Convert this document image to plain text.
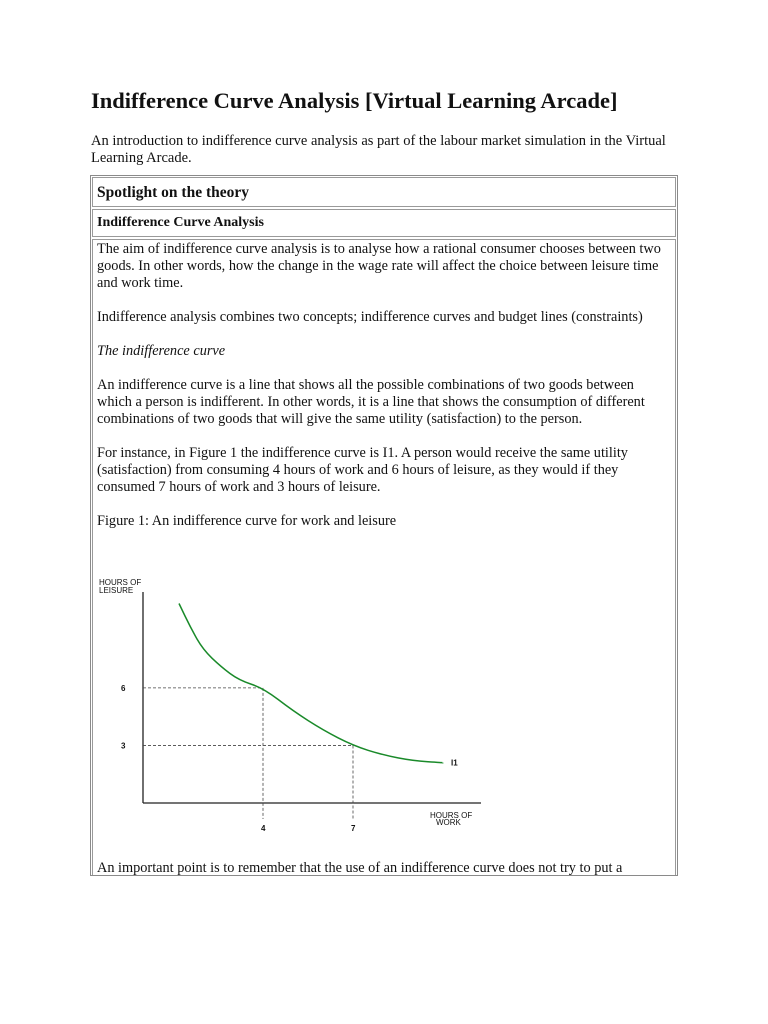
Indifference Curve Analysis [Virtual Learning Arcade]

An introduction to indifference curve analysis as part of the labour market simulation in the Virtual Learning Arcade.

Spotlight on the theory
Indifference Curve Analysis

The aim of indifference curve analysis is to analyse how a rational consumer chooses between two goods. In other words, how the change in the wage rate will affect the choice between leisure time and work time.

Indifference analysis combines two concepts; indifference curves and budget lines (constraints)

The indifference curve

An indifference curve is a line that shows all the possible combinations of two goods between which a person is indifferent. In other words, it is a line that shows the consumption of different combinations of two goods that will give the same utility (satisfaction) to the person.

For instance, in Figure 1 the indifference curve is I1. A person would receive the same utility (satisfaction) from consuming 4 hours of work and 6 hours of leisure, as they would if they consumed 7 hours of work and 3 hours of leisure.

Figure 1: An indifference curve for work and leisure

HOURS OF
LEISURE
HOURS OF
WORK
6
4
3
7
I1

An important point is to remember that the use of an indifference curve does not try to put a
